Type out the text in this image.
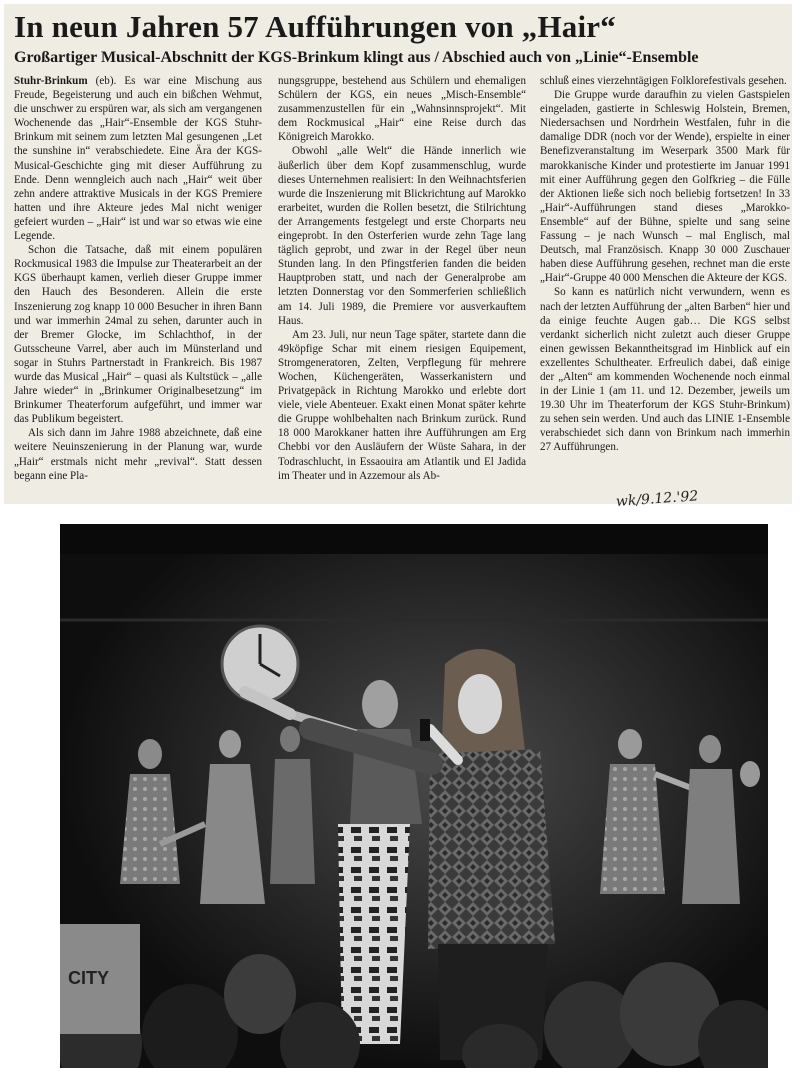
In neun Jahren 57 Aufführungen von „Hair“
Großartiger Musical-Abschnitt der KGS-Brinkum klingt aus / Abschied auch von „Linie“-Ensemble

Stuhr-Brinkum (eb). Es war eine Mischung aus Freude, Begeisterung und auch ein bißchen Wehmut, die unschwer zu erspüren war, als sich am vergangenen Wochenende das „Hair“-Ensemble der KGS Stuhr-Brinkum mit seinem zum letzten Mal gesungenen „Let the sunshine in“ verabschiedete. Eine Ära der KGS-Musical-Geschichte ging mit dieser Aufführung zu Ende. Denn wenngleich auch nach „Hair“ weit über zehn andere attraktive Musicals in der KGS Premiere hatten und ihre Akteure jedes Mal nicht weniger gefeiert wurden – „Hair“ ist und war so etwas wie eine Legende.

Schon die Tatsache, daß mit einem populären Rockmusical 1983 die Impulse zur Theaterarbeit an der KGS überhaupt kamen, verlieh dieser Gruppe immer den Hauch des Besonderen. Allein die erste Inszenierung zog knapp 10 000 Besucher in ihren Bann und war immerhin 24mal zu sehen, darunter auch in der Bremer Glocke, im Schlachthof, in der Gutsscheune Varrel, aber auch im Münsterland und sogar in Stuhrs Partnerstadt in Frankreich. Bis 1987 wurde das Musical „Hair“ – quasi als Kultstück – „alle Jahre wieder“ in „Brinkumer Originalbesetzung“ im Brinkumer Theaterforum aufgeführt, und immer war das Publikum begeistert.

Als sich dann im Jahre 1988 abzeichnete, daß eine weitere Neuinszenierung in der Planung war, wurde „Hair“ erstmals nicht mehr „revival“. Statt dessen begann eine Pla-

nungsgruppe, bestehend aus Schülern und ehemaligen Schülern der KGS, ein neues „Misch-Ensemble“ zusammenzustellen für ein „Wahnsinnsprojekt“. Mit dem Rockmusical „Hair“ eine Reise durch das Königreich Marokko.

Obwohl „alle Welt“ die Hände innerlich wie äußerlich über dem Kopf zusammenschlug, wurde dieses Unternehmen realisiert: In den Weihnachtsferien wurde die Inszenierung mit Blickrichtung auf Marokko erarbeitet, wurden die Rollen besetzt, die Stilrichtung der Arrangements festgelegt und erste Chorparts neu eingeprobt. In den Osterferien wurde zehn Tage lang täglich geprobt, und zwar in der Regel über neun Stunden lang. In den Pfingstferien fanden die beiden Hauptproben statt, und nach der Generalprobe am letzten Donnerstag vor den Sommerferien schließlich am 14. Juli 1989, die Premiere vor ausverkauftem Haus.

Am 23. Juli, nur neun Tage später, startete dann die 49köpfige Schar mit einem riesigen Equipement, Stromgeneratoren, Zelten, Verpflegung für mehrere Wochen, Küchengeräten, Wasserkanistern und Privatgepäck in Richtung Marokko und erlebte dort viele, viele Abenteuer. Exakt einen Monat später kehrte die Gruppe wohlbehalten nach Brinkum zurück. Rund 18 000 Marokkaner hatten ihre Aufführungen am Erg Chebbi vor den Ausläufern der Wüste Sahara, in der Todraschlucht, in Essaouira am Atlantik und El Jadida im Theater und in Azzemour als Ab-

schluß eines vierzehntägigen Folklorefestivals gesehen.

Die Gruppe wurde daraufhin zu vielen Gastspielen eingeladen, gastierte in Schleswig Holstein, Bremen, Niedersachsen und Nordrhein Westfalen, fuhr in die damalige DDR (noch vor der Wende), erspielte in einer Benefizveranstaltung im Weserpark 3500 Mark für marokkanische Kinder und protestierte im Januar 1991 mit einer Aufführung gegen den Golfkrieg – die Fülle der Aktionen ließe sich noch beliebig fortsetzen! In 33 „Hair“-Aufführungen stand dieses „Marokko-Ensemble“ auf der Bühne, spielte und sang seine Fassung – je nach Wunsch – mal Englisch, mal Deutsch, mal Französisch. Knapp 30 000 Zuschauer haben diese Aufführung gesehen, rechnet man die erste „Hair“-Gruppe 40 000 Menschen die Akteure der KGS.

So kann es natürlich nicht verwundern, wenn es nach der letzten Aufführung der „alten Barben“ hier und da einige feuchte Augen gab… Die KGS selbst verdankt sicherlich nicht zuletzt auch dieser Gruppe einen gewissen Bekanntheitsgrad im Hinblick auf ein exzellentes Schultheater. Erfreulich dabei, daß einige der „Alten“ am kommenden Wochenende noch einmal in der Linie 1 (am 11. und 12. Dezember, jeweils um 19.30 Uhr im Theaterforum der KGS Stuhr-Brinkum) zu sehen sein werden. Und auch das LINIE 1-Ensemble verabschiedet sich dann von Brinkum nach immerhin 27 Aufführungen.

wk/9.12.'92
CITY
